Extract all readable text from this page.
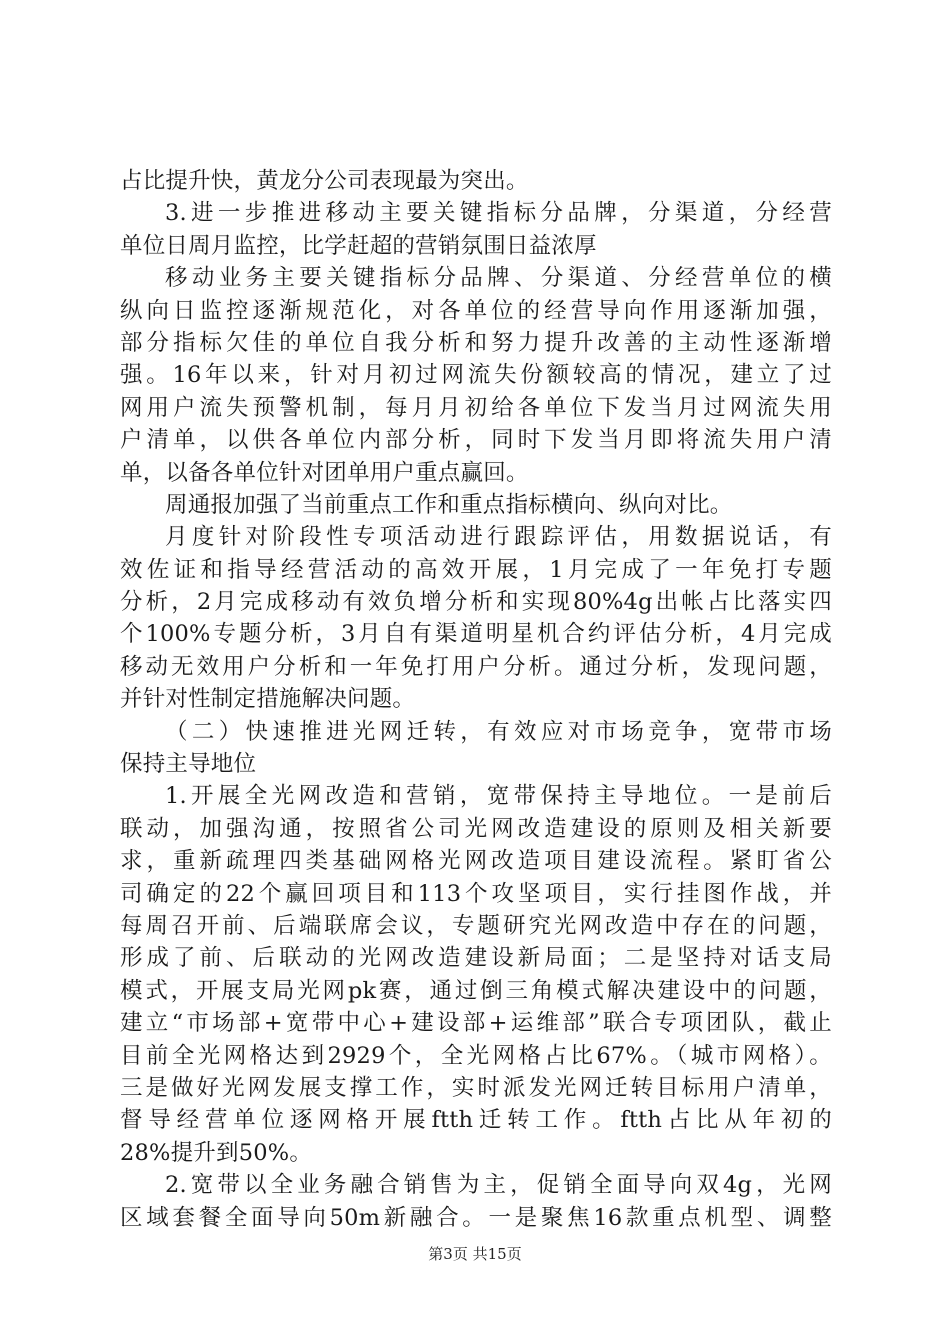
占比提升快，黄龙分公司表现最为突出。
3.进一步推进移动主要关键指标分品牌，分渠道，分经营
单位日周月监控，比学赶超的营销氛围日益浓厚
移动业务主要关键指标分品牌、分渠道、分经营单位的横
纵向日监控逐渐规范化，对各单位的经营导向作用逐渐加强，
部分指标欠佳的单位自我分析和努力提升改善的主动性逐渐增
强。16年以来，针对月初过网流失份额较高的情况，建立了过
网用户流失预警机制，每月月初给各单位下发当月过网流失用
户清单，以供各单位内部分析，同时下发当月即将流失用户清
单，以备各单位针对团单用户重点赢回。
周通报加强了当前重点工作和重点指标横向、纵向对比。
月度针对阶段性专项活动进行跟踪评估，用数据说话，有
效佐证和指导经营活动的高效开展，1月完成了一年免打专题
分析，2月完成移动有效负增分析和实现80%4g出帐占比落实四
个100%专题分析，3月自有渠道明星机合约评估分析，4月完成
移动无效用户分析和一年免打用户分析。通过分析，发现问题，
并针对性制定措施解决问题。
（二）快速推进光网迁转，有效应对市场竞争，宽带市场
保持主导地位
1.开展全光网改造和营销，宽带保持主导地位。一是前后
联动，加强沟通，按照省公司光网改造建设的原则及相关新要
求，重新疏理四类基础网格光网改造项目建设流程。紧盯省公
司确定的22个赢回项目和113个攻坚项目，实行挂图作战，并
每周召开前、后端联席会议，专题研究光网改造中存在的问题，
形成了前、后联动的光网改造建设新局面；二是坚持对话支局
模式，开展支局光网pk赛，通过倒三角模式解决建设中的问题，
建立“市场部+宽带中心+建设部+运维部”联合专项团队，截止
目前全光网格达到2929个，全光网格占比67%。（城市网格）。
三是做好光网发展支撑工作，实时派发光网迁转目标用户清单，
督导经营单位逐网格开展ftth迁转工作。ftth占比从年初的
28%提升到50%。
2.宽带以全业务融合销售为主，促销全面导向双4g，光网
区域套餐全面导向50m新融合。一是聚焦16款重点机型、调整
第3页 共15页
